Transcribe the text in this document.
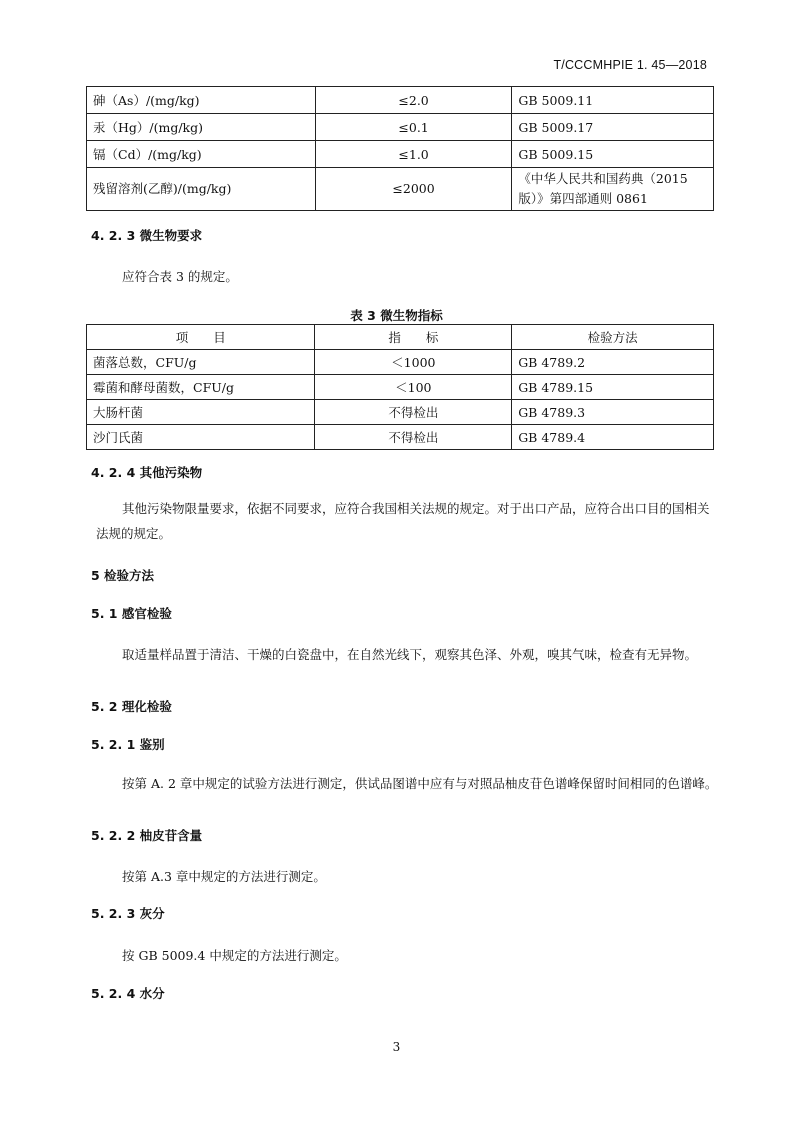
T/CCCMHPIE 1. 45—2018
砷（As）/(mg/kg)	≤2.0	GB 5009.11
汞（Hg）/(mg/kg)	≤0.1	GB 5009.17
镉（Cd）/(mg/kg)	≤1.0	GB 5009.15
残留溶剂(乙醇)/(mg/kg)	≤2000	《中华人民共和国药典（2015
版）》第四部通则 0861
4. 2. 3 微生物要求
应符合表 3 的规定。
表 3 微生物指标
项　　目	指　　标	检验方法
菌落总数，CFU/g	＜1000	GB 4789.2
霉菌和酵母菌数，CFU/g	＜100	GB 4789.15
大肠杆菌	不得检出	GB 4789.3
沙门氏菌	不得检出	GB 4789.4
4. 2. 4 其他污染物
其他污染物限量要求，依据不同要求，应符合我国相关法规的规定。对于出口产品，应符合出口目的国相关法规的规定。
5 检验方法
5. 1 感官检验
取适量样品置于清洁、干燥的白瓷盘中，在自然光线下，观察其色泽、外观，嗅其气味，检查有无异物。
5. 2 理化检验
5. 2. 1 鉴别
按第 A. 2 章中规定的试验方法进行测定，供试品图谱中应有与对照品柚皮苷色谱峰保留时间相同的色谱峰。
5. 2. 2 柚皮苷含量
按第 A.3 章中规定的方法进行测定。
5. 2. 3 灰分
按 GB 5009.4 中规定的方法进行测定。
5. 2. 4 水分
3
